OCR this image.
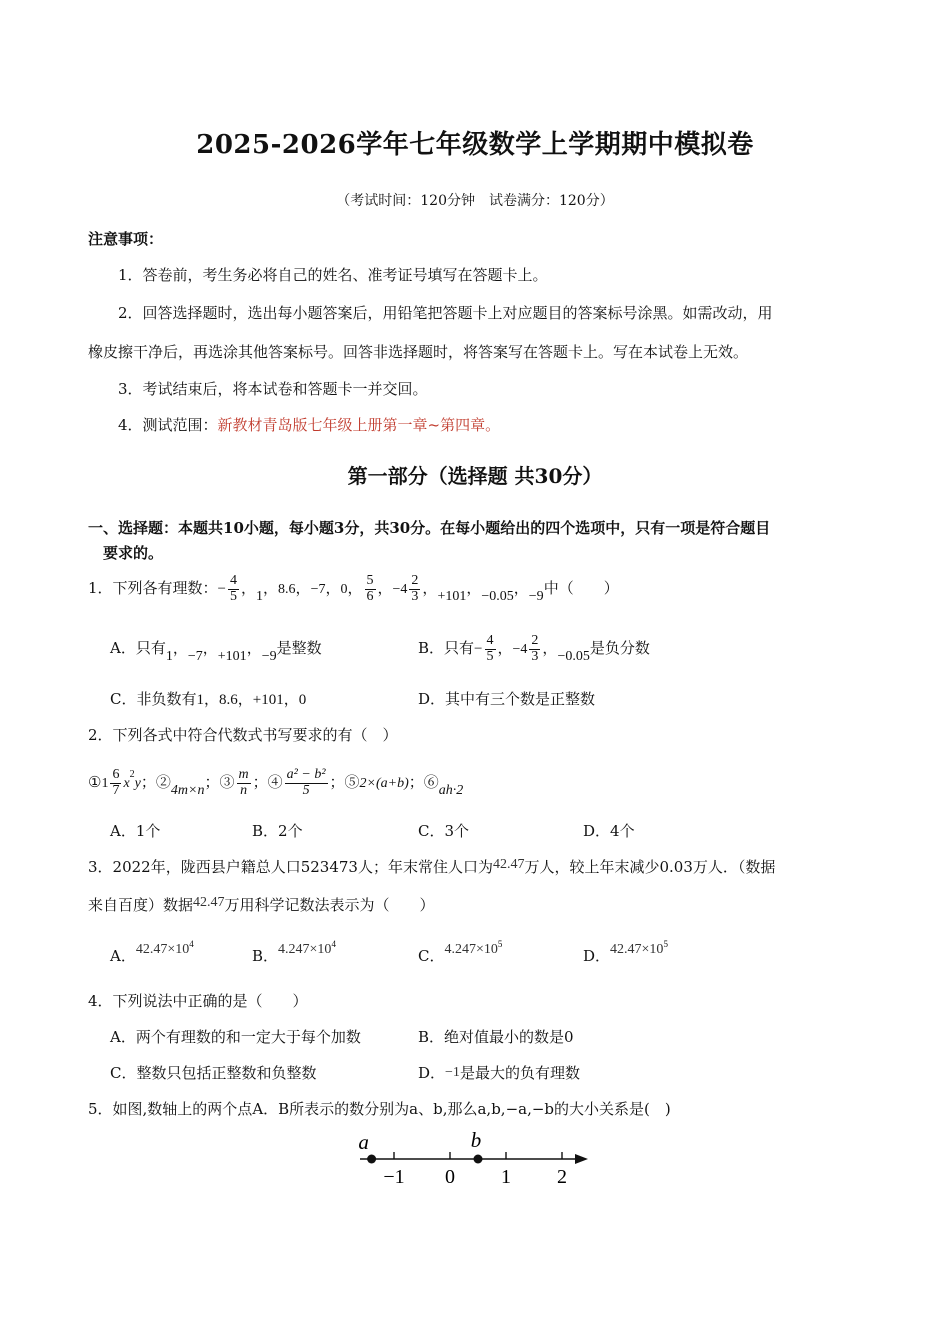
2025-2026学年七年级数学上学期期中模拟卷
（考试时间：120分钟　试卷满分：120分）
注意事项：
1．答卷前，考生务必将自己的姓名、准考证号填写在答题卡上。
2．回答选择题时，选出每小题答案后，用铅笔把答题卡上对应题目的答案标号涂黑。如需改动，用
橡皮擦干净后，再选涂其他答案标号。回答非选择题时，将答案写在答题卡上。写在本试卷上无效。
3．考试结束后，将本试卷和答题卡一并交回。
4．测试范围：新教材青岛版七年级上册第一章~第四章。
第一部分（选择题 共30分）
一、选择题：本题共10小题，每小题3分，共30分。在每小题给出的四个选项中，只有一项是符合题目
要求的。
1．下列各有理数：− $\frac{4}{5}$ ，1，8.6，−7，0， $\frac{5}{6}$ ，$-4 \frac{2}{3}$ ，+101，−0.05，−9中（　　）
A．只有1，−7，+101，−9是整数	B．只有− $\frac{4}{5}$ ，$-4 \frac{2}{3}$ ，−0.05是负分数
C．非负数有1，8.6，+101，0	D．其中有三个数是正整数
2．下列各式中符合代数式书写要求的有（　）
①1 $\frac{6}{7} x^2y$；②4m×n；③ $\frac{m}{n}$ ；④ $\frac{\text{a² − b²}}{5}$ ；⑤2×(a+b)；⑥ah·2
A．1个	B．2个	C．3个	D．4个
3．2022年，陇西县户籍总人口523473人；年末常住人口为42.47万人，较上年末减少0.03万人．（数据
来自百度）数据42.47万用科学记数法表示为（　　）
A．$42.47\times 10^4$
B．$4.247\times 10^4$
C．$4.247\times 10^5$
D．$42.47\times 10^5$
4．下列说法中正确的是（　　）
A．两个有理数的和一定大于每个加数	B．绝对值最小的数是0
C．整数只包括正整数和负整数	D．−1是最大的负有理数
5．如图,数轴上的两个点A．B所表示的数分别为a、b,那么a,b,−a,−b的大小关系是(　)
−1 0 1 2
a	b
